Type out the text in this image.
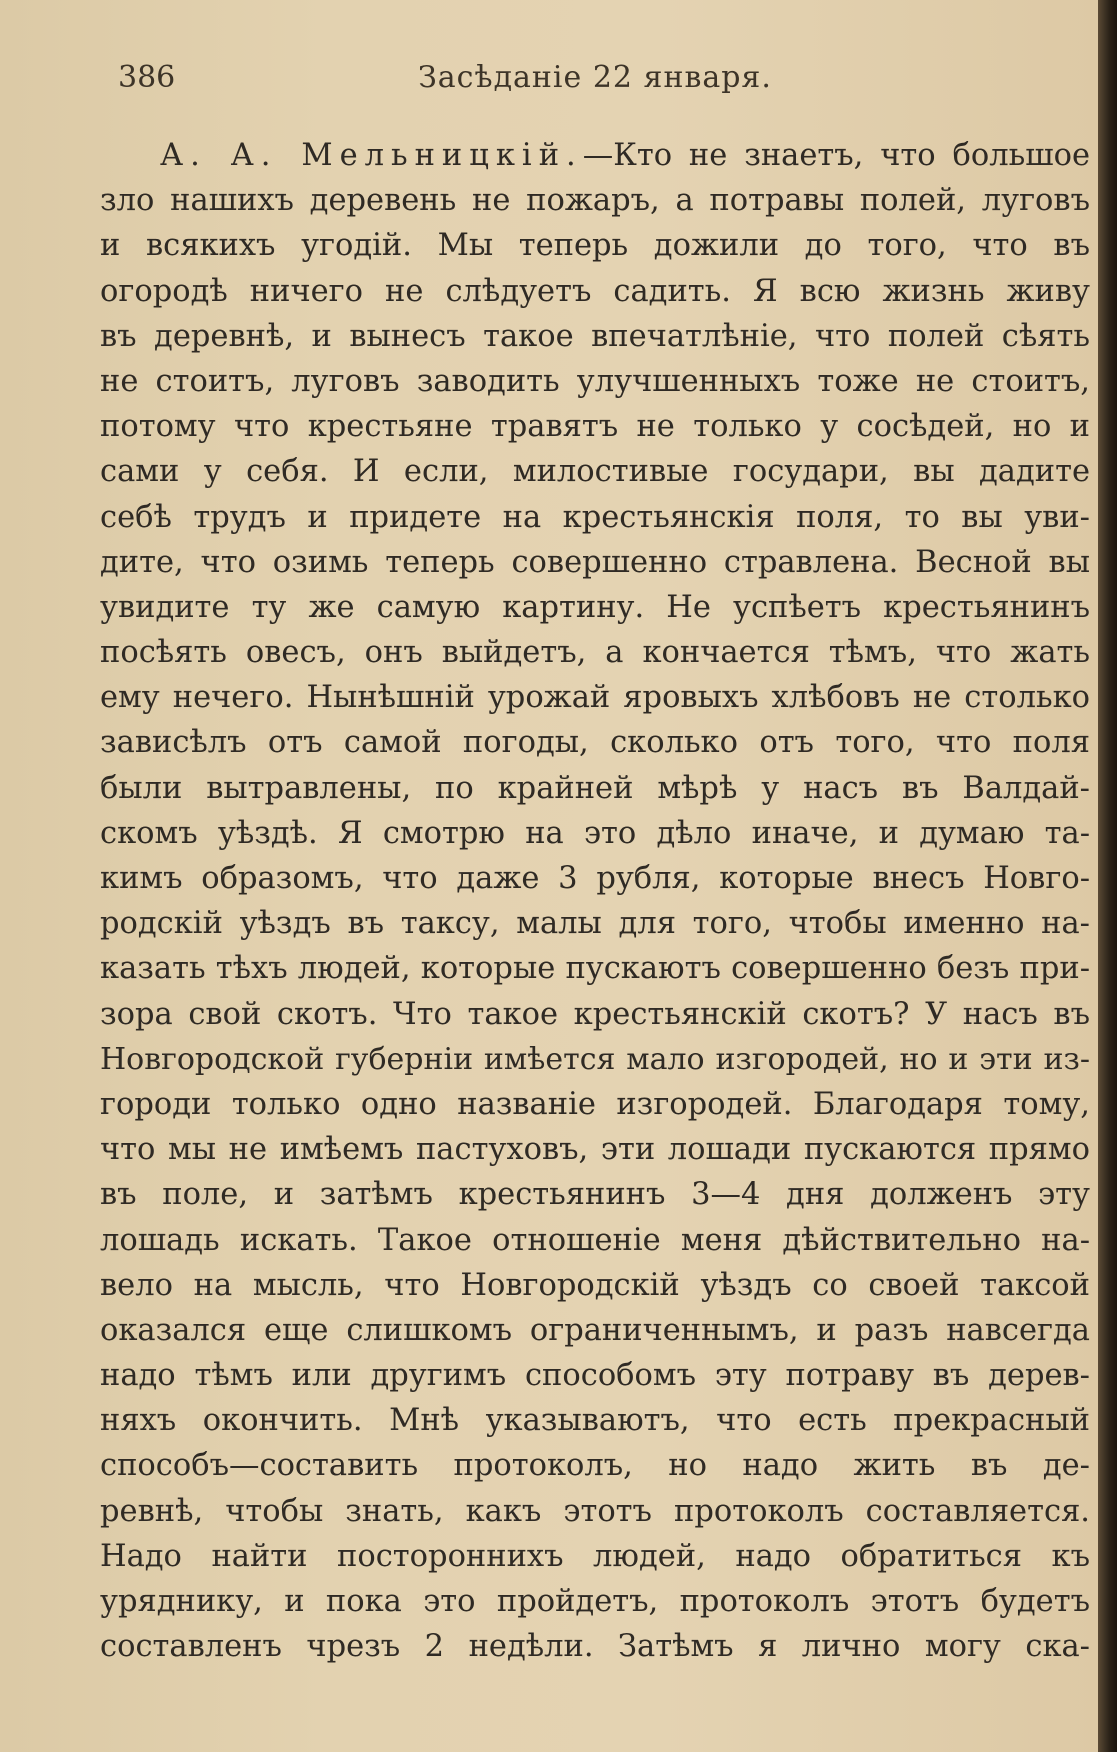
386	Засѣданіе 22 января.
А. А. Мельницкій.—Кто не знаетъ, что большое
зло нашихъ деревень не пожаръ, а потравы полей, луговъ
и всякихъ угодій. Мы теперь дожили до того, что въ
огородѣ ничего не слѣдуетъ садить. Я всю жизнь живу
въ деревнѣ, и вынесъ такое впечатлѣніе, что полей сѣять
не стоитъ, луговъ заводить улучшенныхъ тоже не стоитъ,
потому что крестьяне травятъ не только у сосѣдей, но и
сами у себя. И если, милостивые государи, вы дадите
себѣ трудъ и придете на крестьянскія поля, то вы уви-
дите, что озимь теперь совершенно стравлена. Весной вы
увидите ту же самую картину. Не успѣетъ крестьянинъ
посѣять овесъ, онъ выйдетъ, а кончается тѣмъ, что жать
ему нечего. Нынѣшній урожай яровыхъ хлѣбовъ не столько
зависѣлъ отъ самой погоды, сколько отъ того, что поля
были вытравлены, по крайней мѣрѣ у насъ въ Валдай-
скомъ уѣздѣ. Я смотрю на это дѣло иначе, и думаю та-
кимъ образомъ, что даже 3 рубля, которые внесъ Новго-
родскій уѣздъ въ таксу, малы для того, чтобы именно на-
казать тѣхъ людей, которые пускаютъ совершенно безъ при-
зора свой скотъ. Что такое крестьянскій скотъ? У насъ въ
Новгородской губерніи имѣется мало изгородей, но и эти из-
городи только одно названіе изгородей. Благодаря тому,
что мы не имѣемъ пастуховъ, эти лошади пускаются прямо
въ поле, и затѣмъ крестьянинъ 3—4 дня долженъ эту
лошадь искать. Такое отношеніе меня дѣйствительно на-
вело на мысль, что Новгородскій уѣздъ со своей таксой
оказался еще слишкомъ ограниченнымъ, и разъ навсегда
надо тѣмъ или другимъ способомъ эту потраву въ дерев-
няхъ окончить. Мнѣ указываютъ, что есть прекрасный
способъ—составить протоколъ, но надо жить въ де-
ревнѣ, чтобы знать, какъ этотъ протоколъ составляется.
Надо найти постороннихъ людей, надо обратиться къ
уряднику, и пока это пройдетъ, протоколъ этотъ будетъ
составленъ чрезъ 2 недѣли. Затѣмъ я лично могу ска-
